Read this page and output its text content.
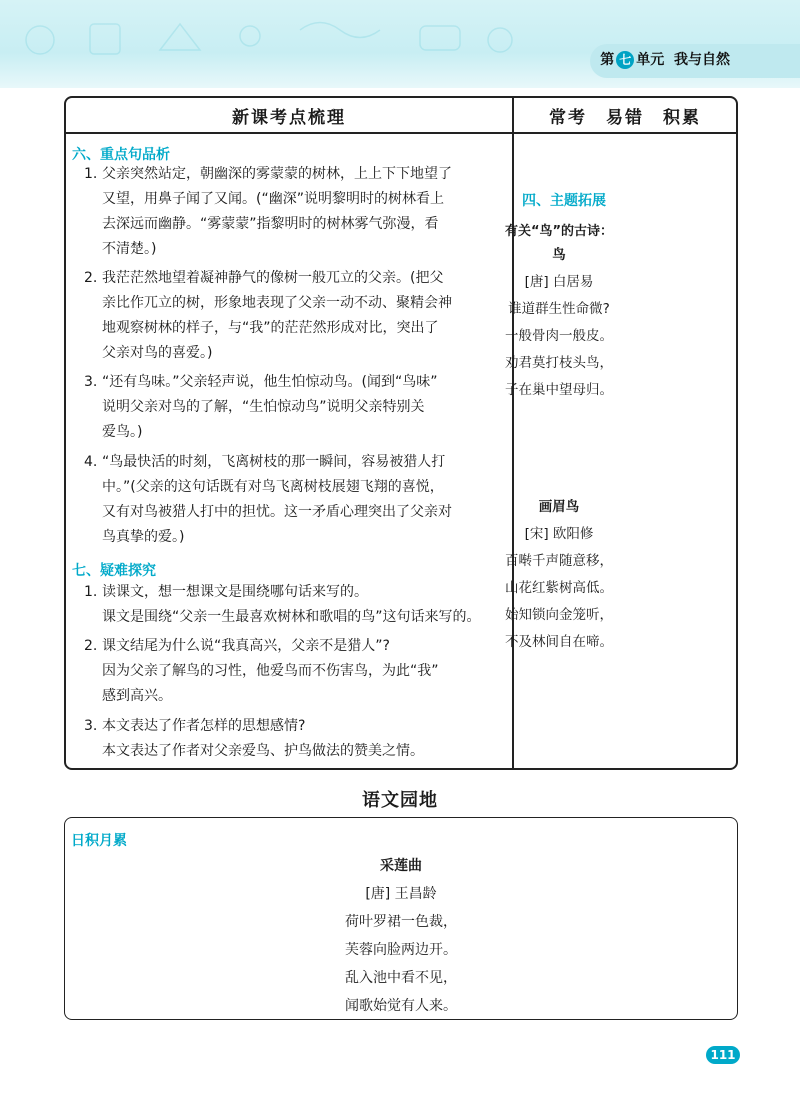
第 七 单元 我与自然
新课考点梳理	常考　易错　积累
六、重点句品析
1. 父亲突然站定，朝幽深的雾蒙蒙的树林，上上下下地望了
又望，用鼻子闻了又闻。(“幽深”说明黎明时的树林看上
去深远而幽静。“雾蒙蒙”指黎明时的树林雾气弥漫，看
不清楚。)
2. 我茫茫然地望着凝神静气的像树一般兀立的父亲。(把父
亲比作兀立的树，形象地表现了父亲一动不动、聚精会神
地观察树林的样子，与“我”的茫茫然形成对比，突出了
父亲对鸟的喜爱。)
3. “还有鸟味。”父亲轻声说，他生怕惊动鸟。(闻到“鸟味”
说明父亲对鸟的了解，“生怕惊动鸟”说明父亲特别关
爱鸟。)
4. “鸟最快活的时刻，飞离树枝的那一瞬间，容易被猎人打
中。”(父亲的这句话既有对鸟飞离树枝展翅飞翔的喜悦，
又有对鸟被猎人打中的担忧。这一矛盾心理突出了父亲对
鸟真挚的爱。)
七、疑难探究
1. 读课文，想一想课文是围绕哪句话来写的。
课文是围绕“父亲一生最喜欢树林和歌唱的鸟”这句话来写的。
2. 课文结尾为什么说“我真高兴，父亲不是猎人”?
因为父亲了解鸟的习性，他爱鸟而不伤害鸟，为此“我”
感到高兴。
3. 本文表达了作者怎样的思想感情?
本文表达了作者对父亲爱鸟、护鸟做法的赞美之情。
四、主题拓展
有关“鸟”的古诗：
鸟
[唐] 白居易
谁道群生性命微?
一般骨肉一般皮。
劝君莫打枝头鸟，
子在巢中望母归。
画眉鸟
[宋] 欧阳修
百啭千声随意移，
山花红紫树高低。
始知锁向金笼听，
不及林间自在啼。
语文园地
日积月累
采莲曲
[唐] 王昌龄
荷叶罗裙一色裁，
芙蓉向脸两边开。
乱入池中看不见，
闻歌始觉有人来。
111
